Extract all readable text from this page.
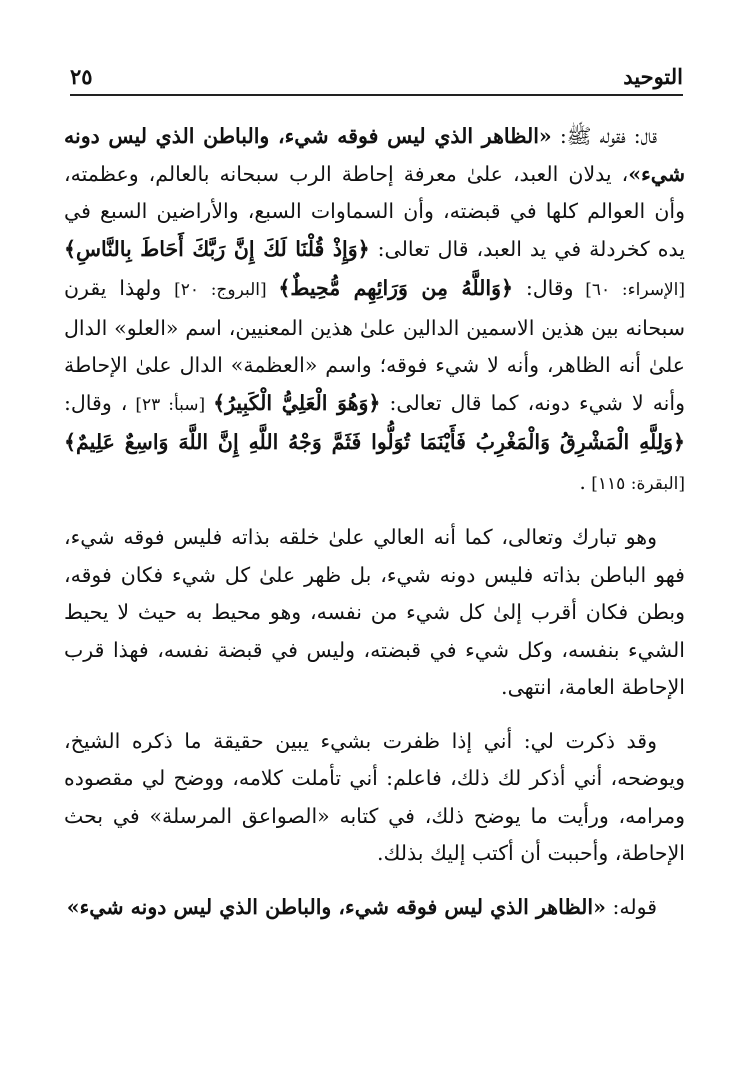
التوحيد
٢٥

قال: فقوله ﷺ: «الظاهر الذي ليس فوقه شيء، والباطن الذي ليس دونه شيء»، يدلان العبد، علىٰ معرفة إحاطة الرب سبحانه بالعالم، وعظمته، وأن العوالم كلها في قبضته، وأن السماوات السبع، والأراضين السبع في يده كخردلة في يد العبد، قال تعالى: ﴿وَإِذْ قُلْنَا لَكَ إِنَّ رَبَّكَ أَحَاطَ بِالنَّاسِ﴾ [الإسراء: ٦٠] وقال: ﴿وَاللَّهُ مِن وَرَائِهِم مُّحِيطٌ﴾ [البروج: ٢٠] ولهذا يقرن سبحانه بين هذين الاسمين الدالين علىٰ هذين المعنيين، اسم «العلو» الدال علىٰ أنه الظاهر، وأنه لا شيء فوقه؛ واسم «العظمة» الدال علىٰ الإحاطة وأنه لا شيء دونه، كما قال تعالى: ﴿وَهُوَ الْعَلِيُّ الْكَبِيرُ﴾ [سبأ: ٢٣] ، وقال: ﴿وَلِلَّهِ الْمَشْرِقُ وَالْمَغْرِبُ فَأَيْنَمَا تُوَلُّوا فَثَمَّ وَجْهُ اللَّهِ إِنَّ اللَّهَ وَاسِعٌ عَلِيمٌ﴾ [البقرة: ١١٥] .

وهو تبارك وتعالى، كما أنه العالي علىٰ خلقه بذاته فليس فوقه شيء، فهو الباطن بذاته فليس دونه شيء، بل ظهر علىٰ كل شيء فكان فوقه، وبطن فكان أقرب إلىٰ كل شيء من نفسه، وهو محيط به حيث لا يحيط الشيء بنفسه، وكل شيء في قبضته، وليس في قبضة نفسه، فهذا قرب الإحاطة العامة، انتهى.

وقد ذكرت لي: أني إذا ظفرت بشيء يبين حقيقة ما ذكره الشيخ، ويوضحه، أني أذكر لك ذلك، فاعلم: أني تأملت كلامه، ووضح لي مقصوده ومرامه، ورأيت ما يوضح ذلك، في كتابه «الصواعق المرسلة» في بحث الإحاطة، وأحببت أن أكتب إليك بذلك.

قوله: «الظاهر الذي ليس فوقه شيء، والباطن الذي ليس دونه شيء»
